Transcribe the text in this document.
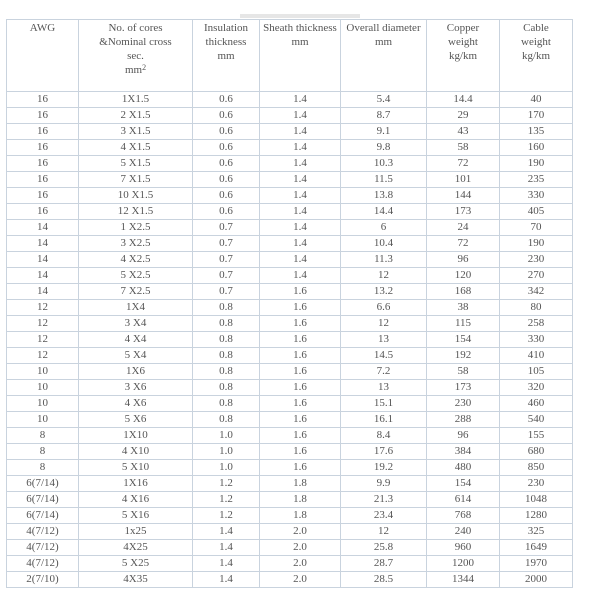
AWG	No. of cores
&Nominal cross
sec.
$mm^2$	Insulation
thickness
mm	Sheath thickness
mm	Overall diameter
mm	Copper
weight
kg/km	Cable
weight
kg/km

16	1X1.5	0.6	1.4	5.4	14.4	40
16	2 X1.5	0.6	1.4	8.7	29	170
16	3 X1.5	0.6	1.4	9.1	43	135
16	4 X1.5	0.6	1.4	9.8	58	160
16	5 X1.5	0.6	1.4	10.3	72	190
16	7 X1.5	0.6	1.4	11.5	101	235
16	10 X1.5	0.6	1.4	13.8	144	330
16	12 X1.5	0.6	1.4	14.4	173	405
14	1 X2.5	0.7	1.4	6	24	70
14	3 X2.5	0.7	1.4	10.4	72	190
14	4 X2.5	0.7	1.4	11.3	96	230
14	5 X2.5	0.7	1.4	12	120	270
14	7 X2.5	0.7	1.6	13.2	168	342
12	1X4	0.8	1.6	6.6	38	80
12	3 X4	0.8	1.6	12	115	258
12	4 X4	0.8	1.6	13	154	330
12	5 X4	0.8	1.6	14.5	192	410
10	1X6	0.8	1.6	7.2	58	105
10	3 X6	0.8	1.6	13	173	320
10	4 X6	0.8	1.6	15.1	230	460
10	5 X6	0.8	1.6	16.1	288	540
8	1X10	1.0	1.6	8.4	96	155
8	4 X10	1.0	1.6	17.6	384	680
8	5 X10	1.0	1.6	19.2	480	850
6(7/14)	1X16	1.2	1.8	9.9	154	230
6(7/14)	4 X16	1.2	1.8	21.3	614	1048
6(7/14)	5 X16	1.2	1.8	23.4	768	1280
4(7/12)	1x25	1.4	2.0	12	240	325
4(7/12)	4X25	1.4	2.0	25.8	960	1649
4(7/12)	5 X25	1.4	2.0	28.7	1200	1970
2(7/10)	4X35	1.4	2.0	28.5	1344	2000
